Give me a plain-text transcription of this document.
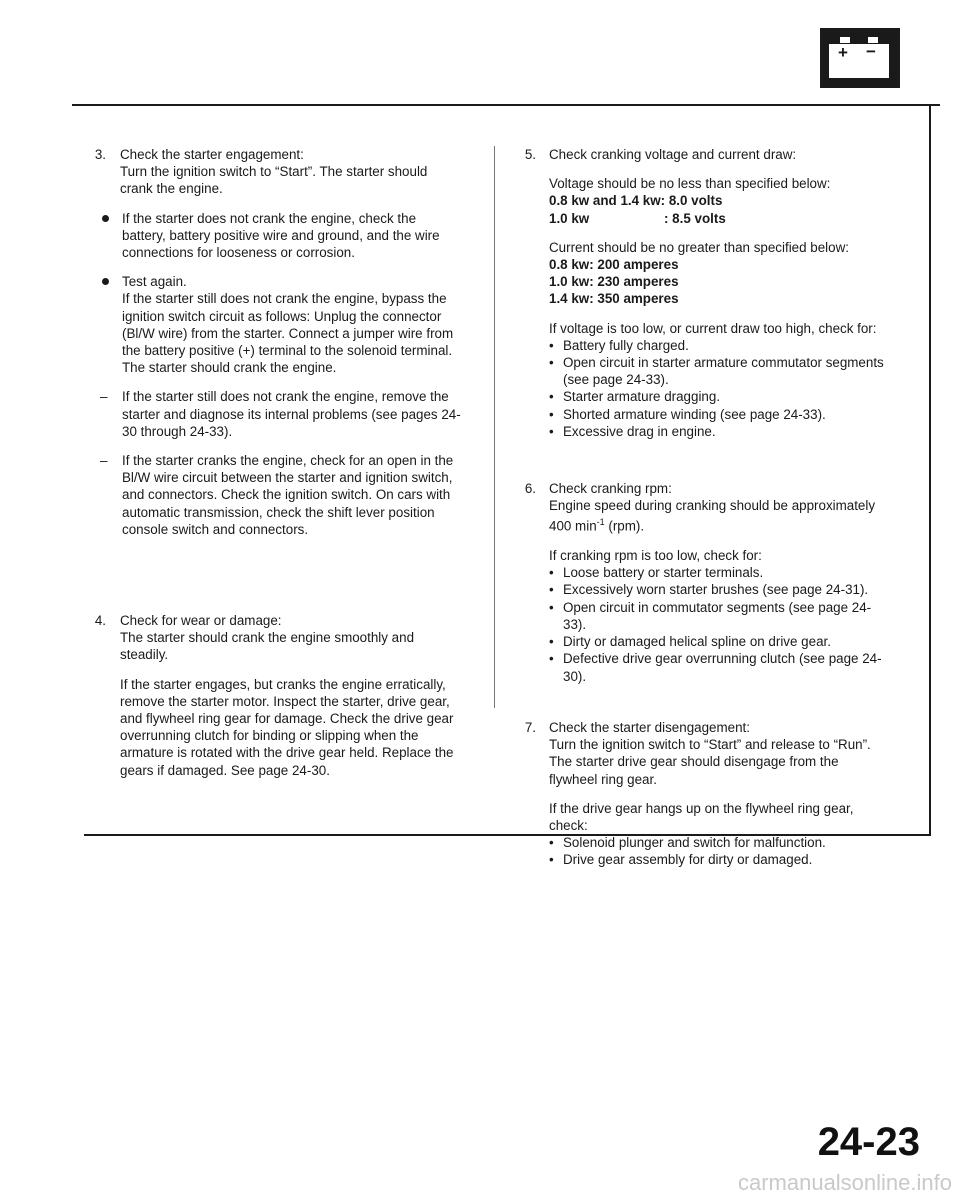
+ −
3. Check the starter engagement:

Turn the ignition switch to “Start”. The starter should crank the engine.

If the starter does not crank the engine, check the battery, battery positive wire and ground, and the wire connections for looseness or corrosion.

Test again.

If the starter still does not crank the engine, bypass the ignition switch circuit as follows: Unplug the connector (Bl/W wire) from the starter. Connect a jumper wire from the battery positive (+) terminal to the solenoid terminal. The starter should crank the engine.

– If the starter still does not crank the engine, remove the starter and diagnose its internal problems (see pages 24-30 through 24-33).

– If the starter cranks the engine, check for an open in the Bl/W wire circuit between the starter and ignition switch, and connectors. Check the ignition switch. On cars with automatic transmission, check the shift lever position console switch and connectors.

4. Check for wear or damage:

The starter should crank the engine smoothly and steadily.

If the starter engages, but cranks the engine erratically, remove the starter motor. Inspect the starter, drive gear, and flywheel ring gear for damage. Check the drive gear overrunning clutch for binding or slipping when the armature is rotated with the drive gear held. Replace the gears if damaged. See page 24-30.

5. Check cranking voltage and current draw:

Voltage should be no less than specified below:

0.8 kw and 1.4 kw: 8.0 volts

1.0 kw	: 8.5 volts

Current should be no greater than specified below:

0.8 kw: 200 amperes

1.0 kw: 230 amperes

1.4 kw: 350 amperes

If voltage is too low, or current draw too high, check for:

• Battery fully charged.

• Open circuit in starter armature commutator segments (see page 24-33).

• Starter armature dragging.

• Shorted armature winding (see page 24-33).

• Excessive drag in engine.

6. Check cranking rpm:

Engine speed during cranking should be approximately 400 $\min^{-1} (rpm)$.

If cranking rpm is too low, check for:

• Loose battery or starter terminals.

• Excessively worn starter brushes (see page 24-31).

• Open circuit in commutator segments (see page 24-33).

• Dirty or damaged helical spline on drive gear.

• Defective drive gear overrunning clutch (see page 24-30).

7. Check the starter disengagement:

Turn the ignition switch to “Start” and release to “Run”. The starter drive gear should disengage from the flywheel ring gear.

If the drive gear hangs up on the flywheel ring gear, check:

• Solenoid plunger and switch for malfunction.

• Drive gear assembly for dirty or damaged.

24-23
carmanualsonline.info
